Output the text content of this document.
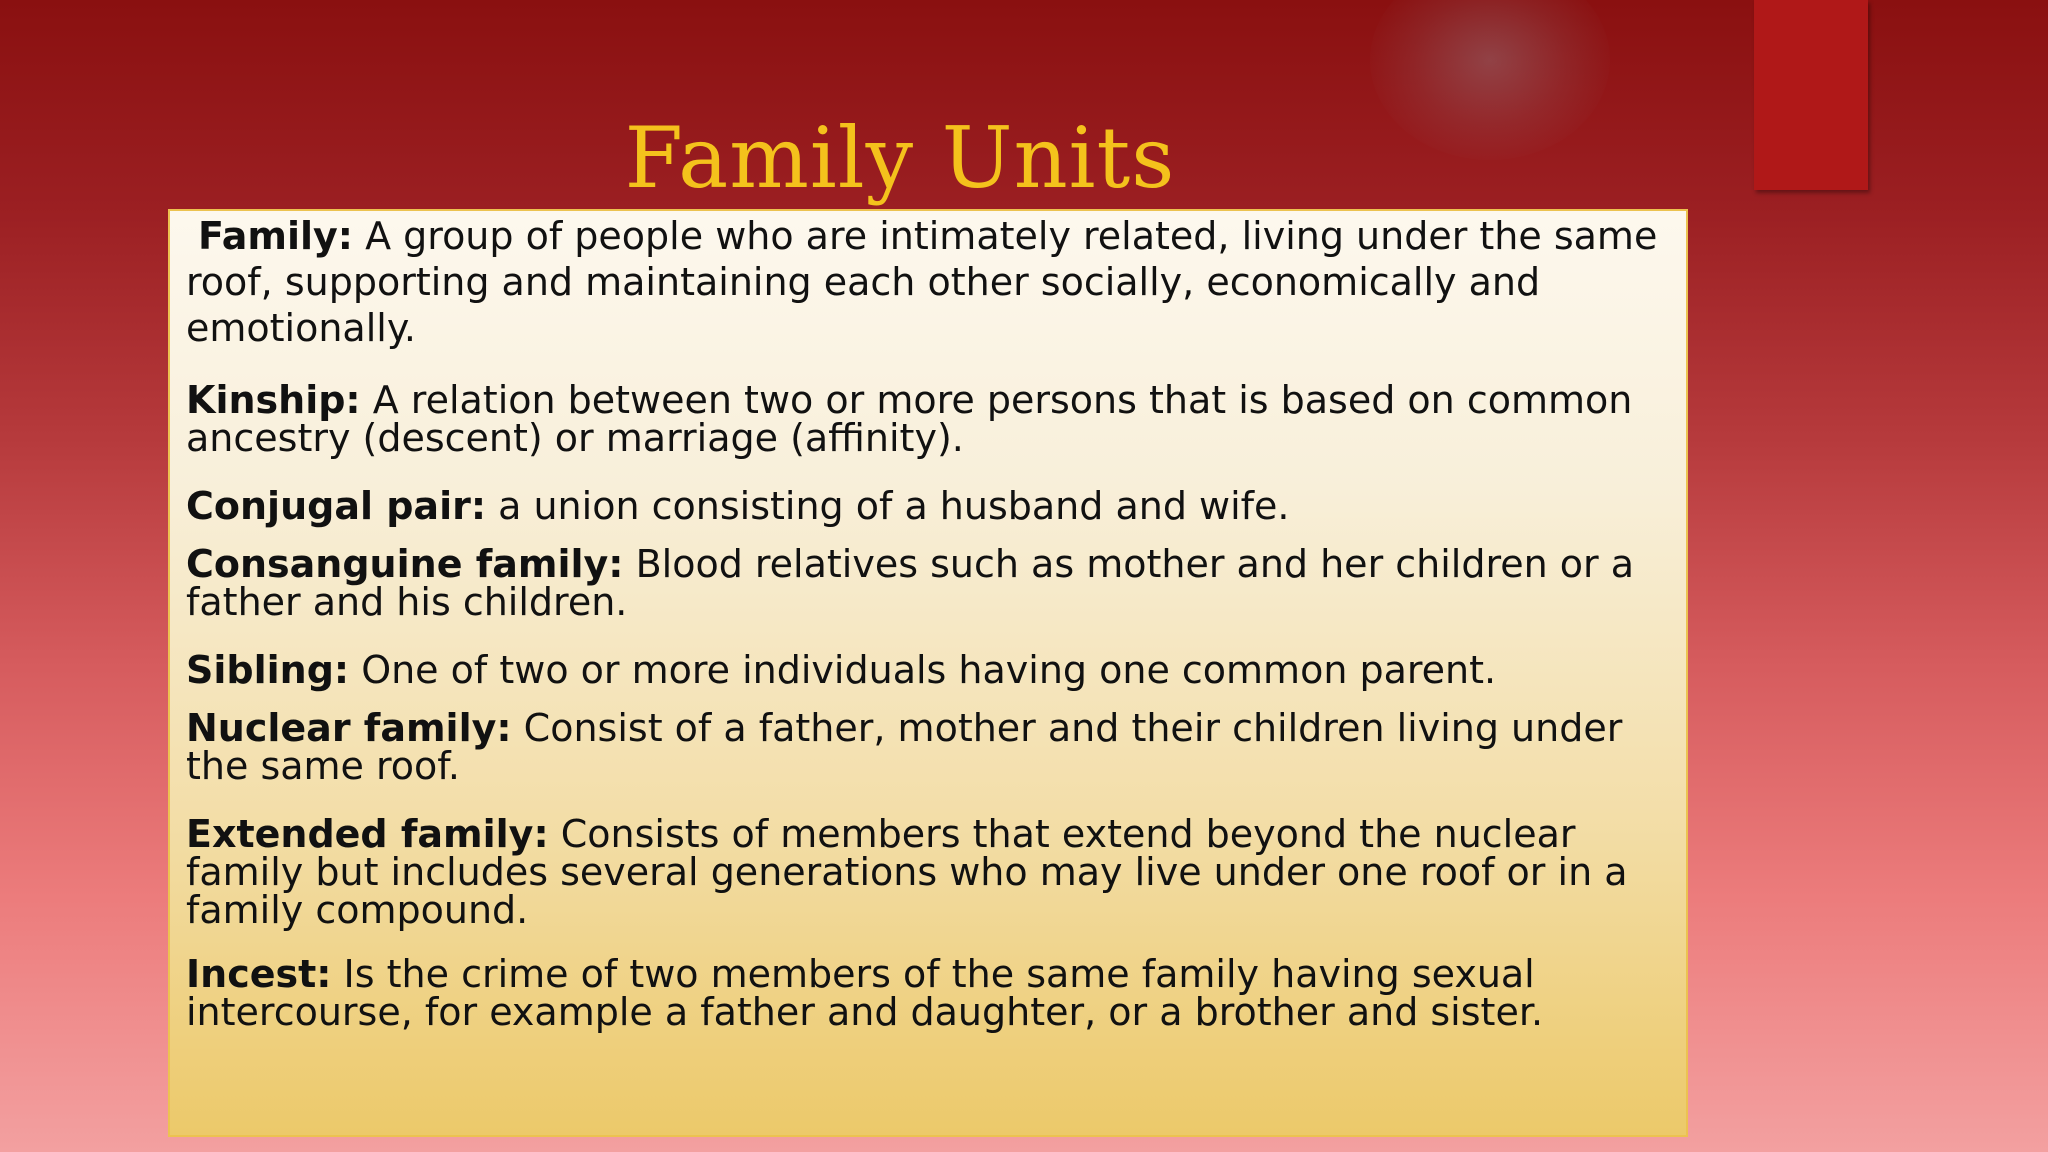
Family Units

Family: A group of people who are intimately related, living under the same roof, supporting and maintaining each other socially, economically and emotionally.

Kinship: A relation between two or more persons that is based on common ancestry (descent) or marriage (affinity).

Conjugal pair: a union consisting of a husband and wife.

Consanguine family: Blood relatives such as mother and her children or a father and his children.

Sibling: One of two or more individuals having one common parent.

Nuclear family: Consist of a father, mother and their children living under the same roof.

Extended family: Consists of members that extend beyond the nuclear family but includes several generations who may live under one roof or in a family compound.

Incest: Is the crime of two members of the same family having sexual intercourse, for example a father and daughter, or a brother and sister.
